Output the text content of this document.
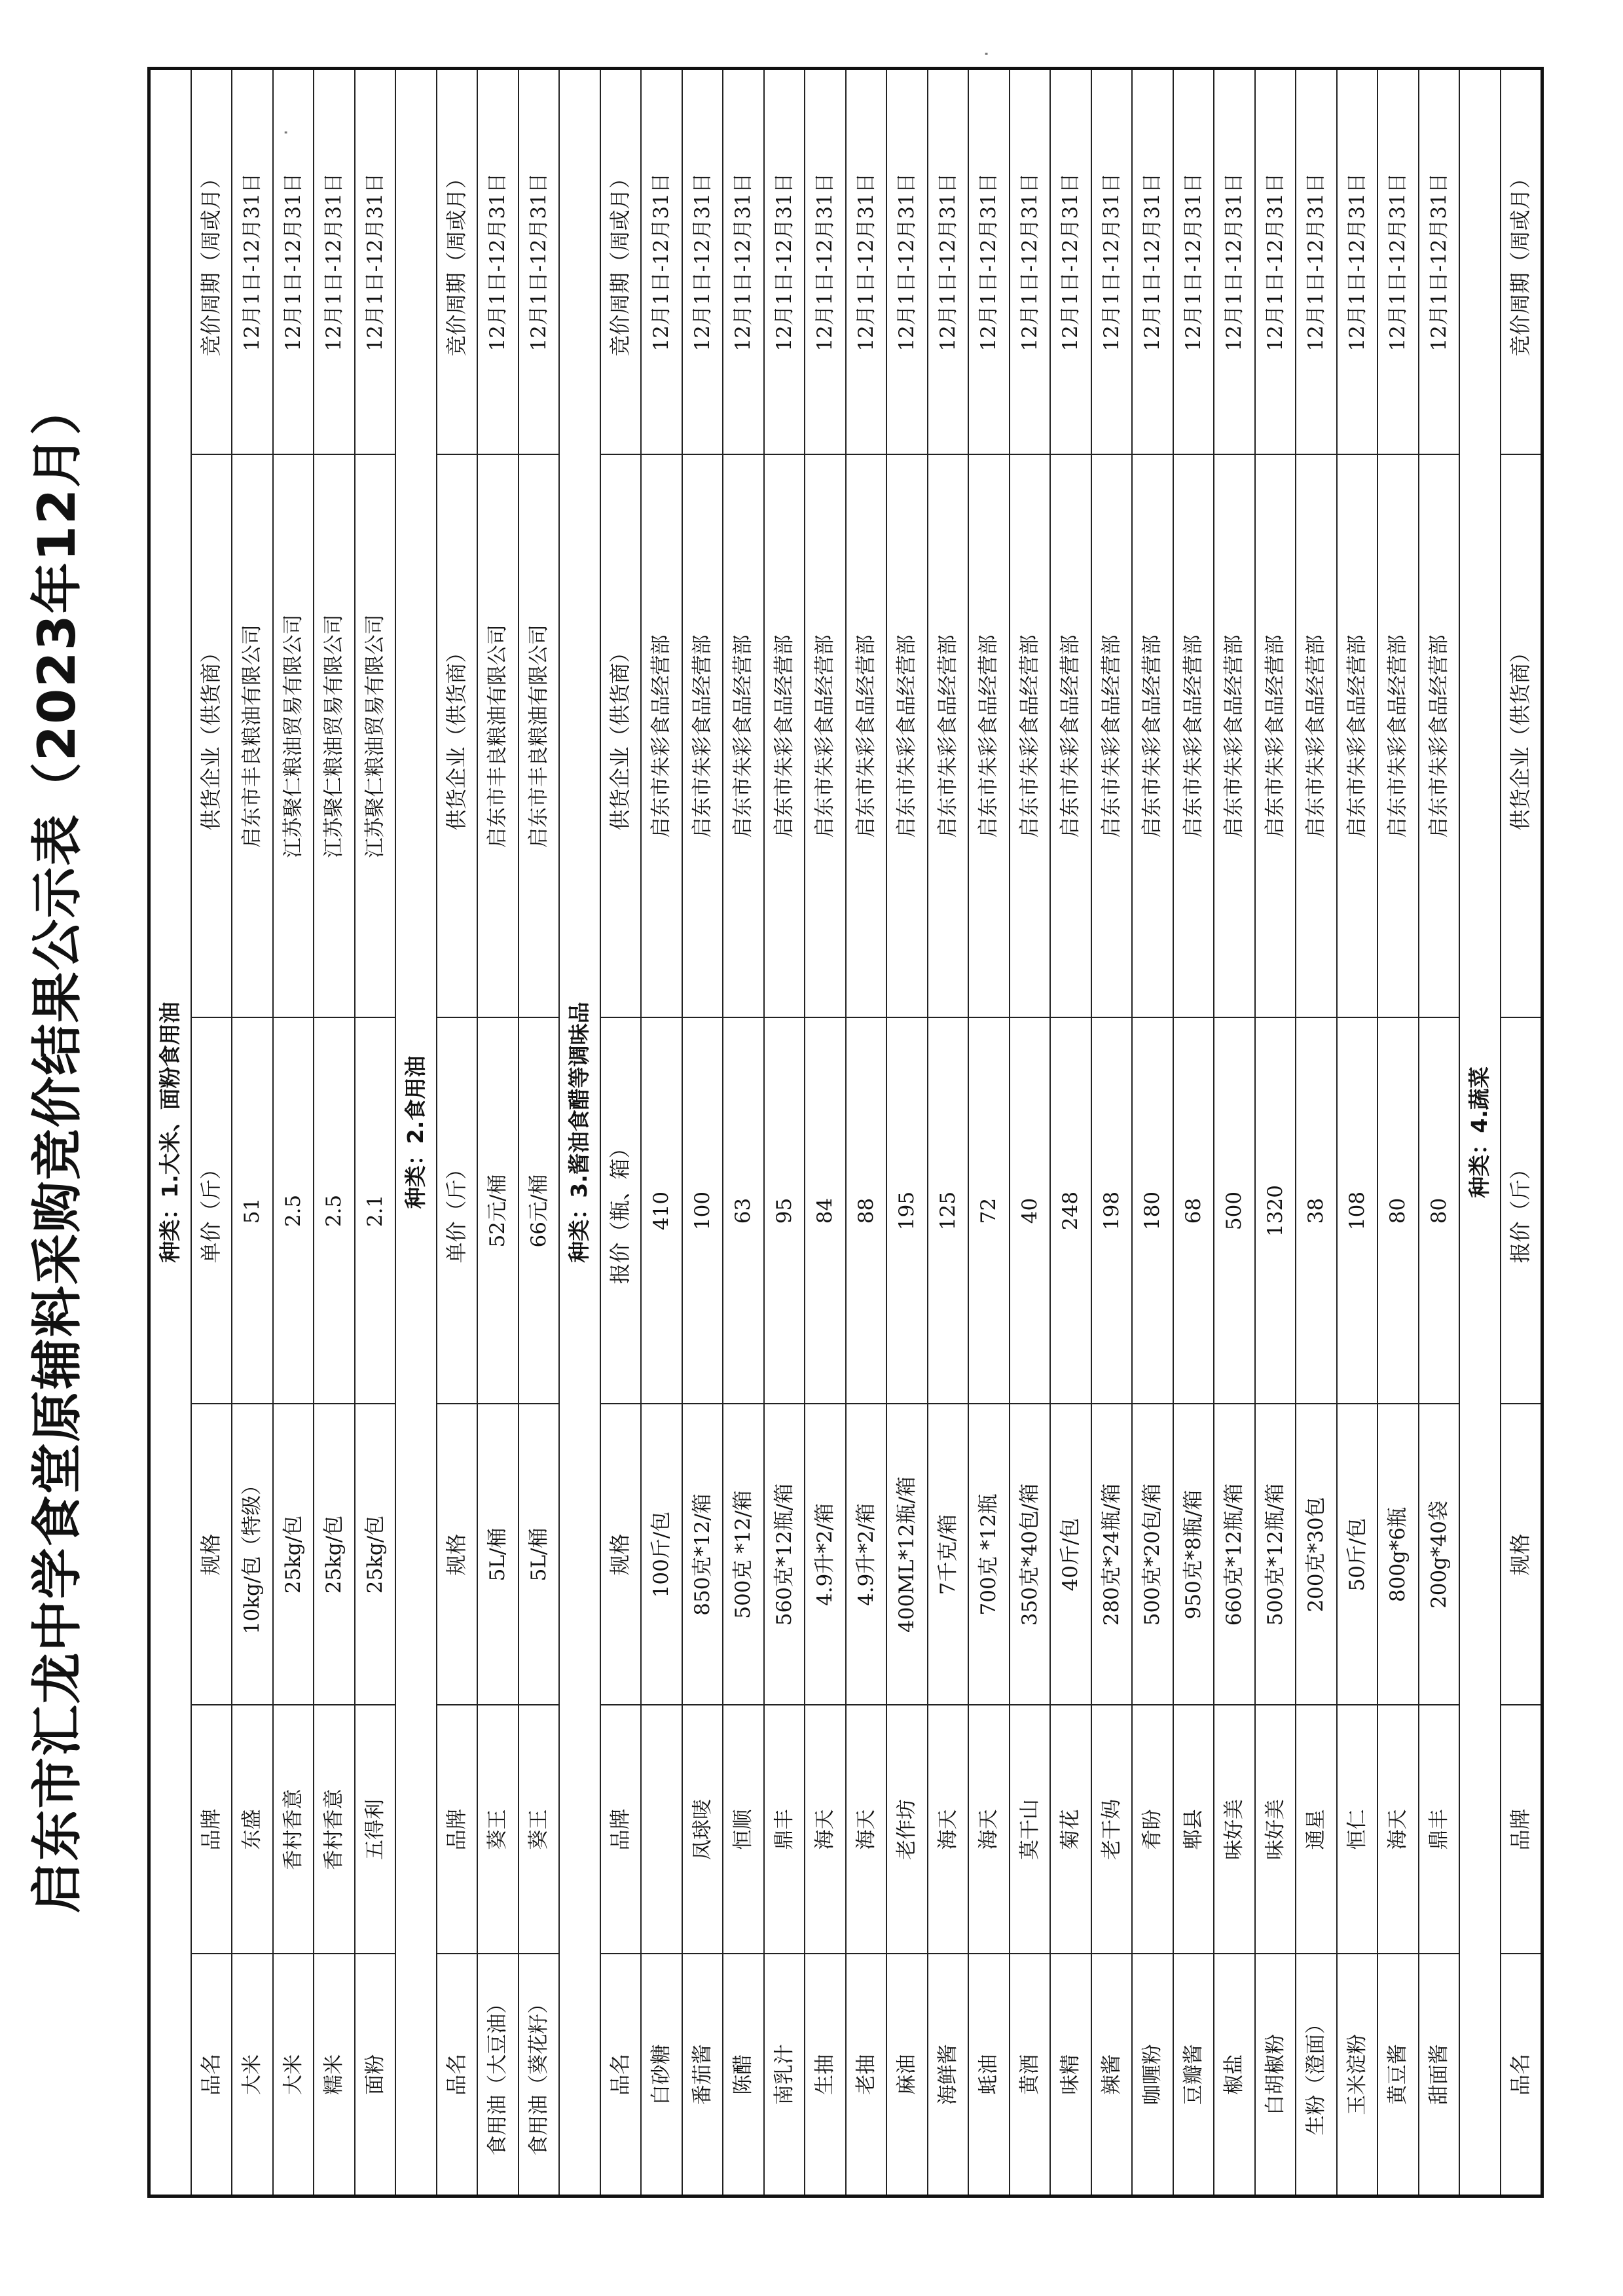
启东市汇龙中学食堂原辅料采购竞价结果公示表（2023年12月）	种类：1.大米、面粉食用油					
品名	品牌	规格	单价（斤）	供货企业（供货商）	竞价周期（周或月）
大米	东盛	10kg/包（特级）	51	启东市丰良粮油有限公司	12月1日-12月31日
大米	香村香意	25kg/包	2.5	江苏聚仁粮油贸易有限公司	12月1日-12月31日
糯米	香村香意	25kg/包	2.5	江苏聚仁粮油贸易有限公司	12月1日-12月31日
面粉	五得利	25kg/包	2.1	江苏聚仁粮油贸易有限公司	12月1日-12月31日
种类：2.食用油					
品名	品牌	规格	单价（斤）	供货企业（供货商）	竞价周期（周或月）
食用油（大豆油）	葵王	5L/桶	52元/桶	启东市丰良粮油有限公司	12月1日-12月31日
食用油（葵花籽）	葵王	5L/桶	66元/桶	启东市丰良粮油有限公司	12月1日-12月31日
种类：3.酱油食醋等调味品					
品名	品牌	规格	报价（瓶、箱）	供货企业（供货商）	竞价周期（周或月）
白砂糖		100斤/包	410	启东市朱彩食品经营部	12月1日-12月31日
番茄酱	凤球唛	850克*12/箱	100	启东市朱彩食品经营部	12月1日-12月31日
陈醋	恒顺	500克 *12/箱	63	启东市朱彩食品经营部	12月1日-12月31日
南乳汁	鼎丰	560克*12瓶/箱	95	启东市朱彩食品经营部	12月1日-12月31日
生抽	海天	4.9升*2/箱	84	启东市朱彩食品经营部	12月1日-12月31日
老抽	海天	4.9升*2/箱	88	启东市朱彩食品经营部	12月1日-12月31日
麻油	老作坊	400ML*12瓶/箱	195	启东市朱彩食品经营部	12月1日-12月31日
海鲜酱	海天	7千克/箱	125	启东市朱彩食品经营部	12月1日-12月31日
蚝油	海天	700克 *12瓶	72	启东市朱彩食品经营部	12月1日-12月31日
黄酒	莫干山	350克*40包/箱	40	启东市朱彩食品经营部	12月1日-12月31日
味精	菊花	40斤/包	248	启东市朱彩食品经营部	12月1日-12月31日
辣酱	老干妈	280克*24瓶/箱	198	启东市朱彩食品经营部	12月1日-12月31日
咖喱粉	肴盼	500克*20包/箱	180	启东市朱彩食品经营部	12月1日-12月31日
豆瓣酱	郫县	950克*8瓶/箱	68	启东市朱彩食品经营部	12月1日-12月31日
椒盐	味好美	660克*12瓶/箱	500	启东市朱彩食品经营部	12月1日-12月31日
白胡椒粉	味好美	500克*12瓶/箱	1320	启东市朱彩食品经营部	12月1日-12月31日
生粉（澄面）	通星	200克*30包	38	启东市朱彩食品经营部	12月1日-12月31日
玉米淀粉	恒仁	50斤/包	108	启东市朱彩食品经营部	12月1日-12月31日
黄豆酱	海天	800g*6瓶	80	启东市朱彩食品经营部	12月1日-12月31日
甜面酱	鼎丰	200g*40袋	80	启东市朱彩食品经营部	12月1日-12月31日
种类：4.蔬菜					
品名	品牌	规格	报价（斤）	供货企业（供货商）	竞价周期（周或月）
·
·
